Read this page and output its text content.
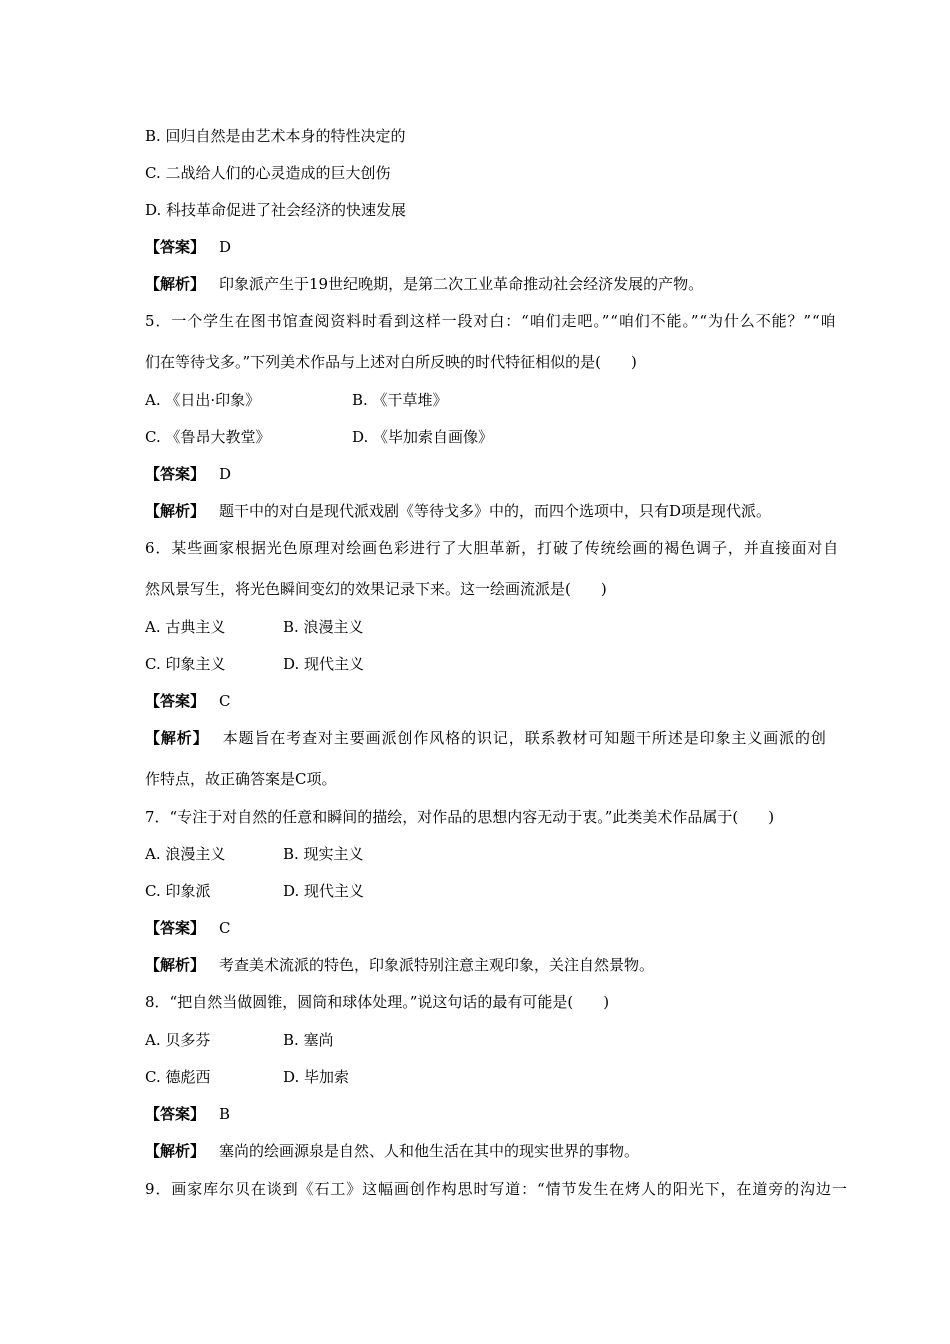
B. 回归自然是由艺术本身的特性决定的
C. 二战给人们的心灵造成的巨大创伤
D. 科技革命促进了社会经济的快速发展
【答案】 D
【解析】 印象派产生于19世纪晚期，是第二次工业革命推动社会经济发展的产物。
5．一个学生在图书馆查阅资料时看到这样一段对白：“咱们走吧。”“咱们不能。”“为什么不能？”“咱
们在等待戈多。”下列美术作品与上述对白所反映的时代特征相似的是(　　)
A. 《日出·印象》	B. 《干草堆》
C. 《鲁昂大教堂》	D. 《毕加索自画像》
【答案】 D
【解析】 题干中的对白是现代派戏剧《等待戈多》中的，而四个选项中，只有D项是现代派。
6．某些画家根据光色原理对绘画色彩进行了大胆革新，打破了传统绘画的褐色调子，并直接面对自
然风景写生，将光色瞬间变幻的效果记录下来。这一绘画流派是(　　)
A. 古典主义	B. 浪漫主义
C. 印象主义	D. 现代主义
【答案】 C
【解析】 本题旨在考查对主要画派创作风格的识记，联系教材可知题干所述是印象主义画派的创
作特点，故正确答案是C项。
7．“专注于对自然的任意和瞬间的描绘，对作品的思想内容无动于衷。”此类美术作品属于(　　)
A. 浪漫主义	B. 现实主义
C. 印象派	D. 现代主义
【答案】 C
【解析】 考查美术流派的特色，印象派特别注意主观印象，关注自然景物。
8．“把自然当做圆锥，圆筒和球体处理。”说这句话的最有可能是(　　)
A. 贝多芬	B. 塞尚
C. 德彪西	D. 毕加索
【答案】 B
【解析】 塞尚的绘画源泉是自然、人和他生活在其中的现实世界的事物。
9．画家库尔贝在谈到《石工》这幅画创作构思时写道：“情节发生在烤人的阳光下，在道旁的沟边一
